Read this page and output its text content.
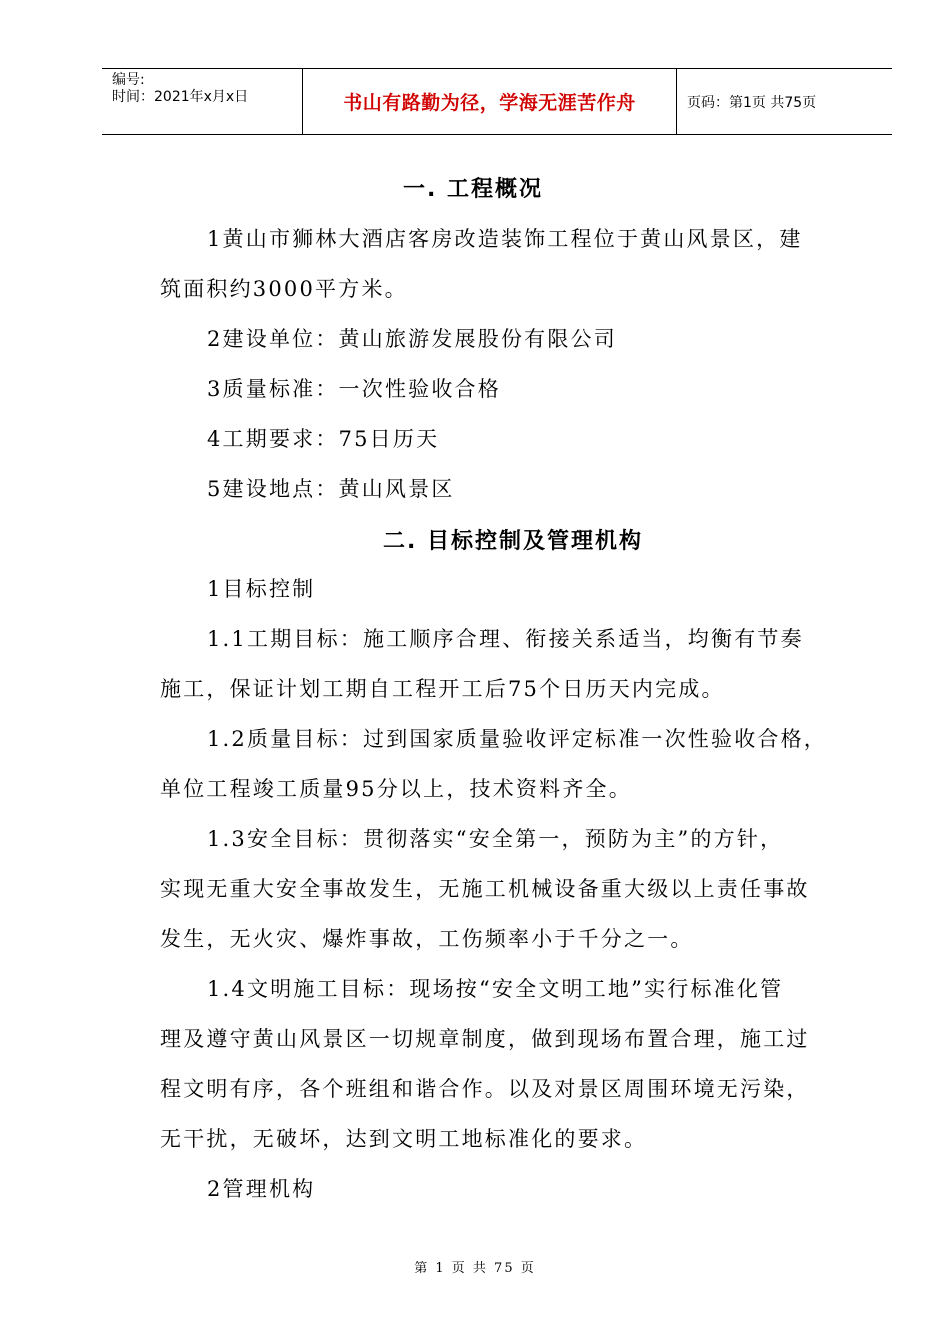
编号:
时间：2021年x月x日	书山有路勤为径，学海无涯苦作舟	页码：第1页 共75页
一. 工程概况
1黄山市狮林大酒店客房改造装饰工程位于黄山风景区，建
筑面积约3000平方米。
2建设单位：黄山旅游发展股份有限公司
3质量标准：一次性验收合格
4工期要求：75日历天
5建设地点：黄山风景区
二. 目标控制及管理机构
1目标控制
1.1工期目标：施工顺序合理、衔接关系适当，均衡有节奏
施工，保证计划工期自工程开工后75个日历天内完成。
1.2质量目标：过到国家质量验收评定标准一次性验收合格，
单位工程竣工质量95分以上，技术资料齐全。
1.3安全目标：贯彻落实“安全第一，预防为主”的方针，
实现无重大安全事故发生，无施工机械设备重大级以上责任事故
发生，无火灾、爆炸事故，工伤频率小于千分之一。
1.4文明施工目标：现场按“安全文明工地”实行标准化管
理及遵守黄山风景区一切规章制度，做到现场布置合理，施工过
程文明有序，各个班组和谐合作。以及对景区周围环境无污染，
无干扰，无破坏，达到文明工地标准化的要求。
2管理机构
第 1 页 共 75 页
